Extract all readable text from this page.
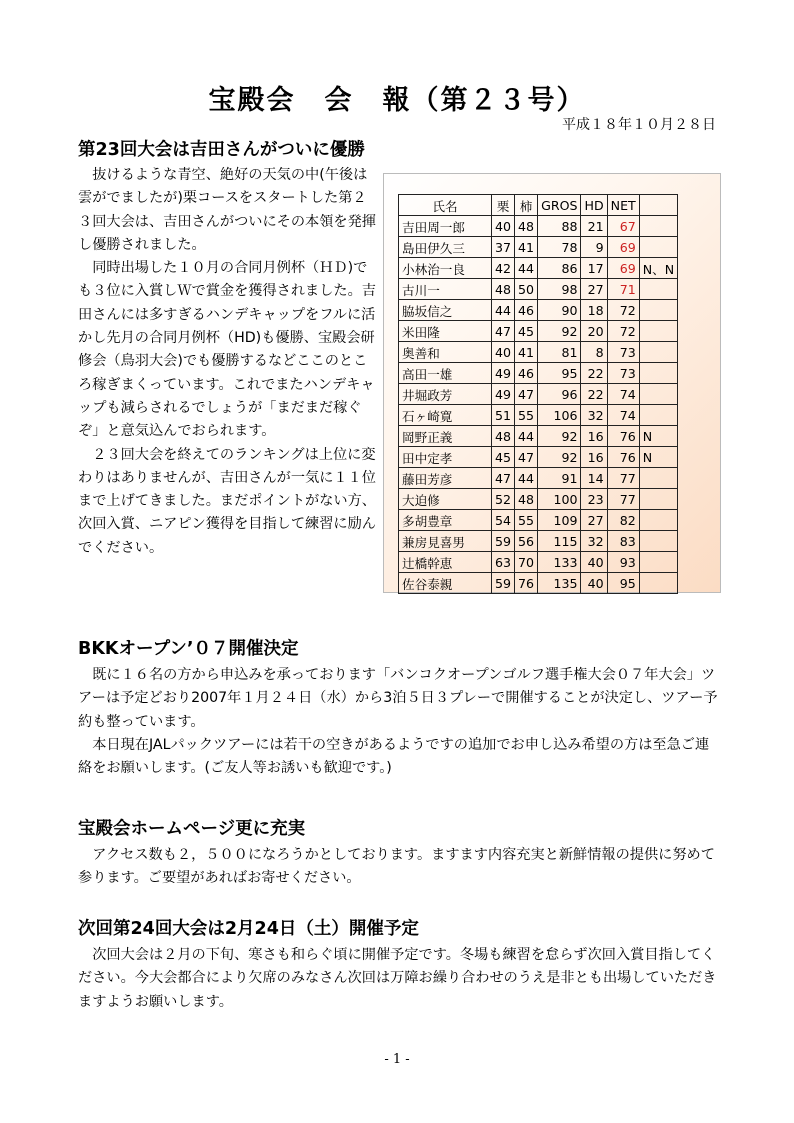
宝殿会　会　報（第２３号）
平成１８年１０月２８日
第23回大会は吉田さんがついに優勝

抜けるような青空、絶好の天気の中(午後は雲がでましたが)栗コースをスタートした第２３回大会は、吉田さんがついにその本領を発揮し優勝されました。

同時出場した１０月の合同月例杯（ＨＤ)でも３位に入賞しＷで賞金を獲得されました。吉田さんには多すぎるハンデキャップをフルに活かし先月の合同月例杯（HD)も優勝、宝殿会研修会（鳥羽大会)でも優勝するなどここのところ稼ぎまくっています。これでまたハンデキャップも減らされるでしょうが「まだまだ稼ぐぞ」と意気込んでおられます。

２３回大会を終えてのランキングは上位に変わりはありませんが、吉田さんが一気に１１位まで上げてきました。まだポイントがない方、次回入賞、ニアピン獲得を目指して練習に励んでください。

氏名	栗	柿	GROS	HD	NET	
吉田周一郎	40	48	88	21	67	
島田伊久三	37	41	78	9	69	
小林治一良	42	44	86	17	69	N、N
古川一	48	50	98	27	71	
脇坂信之	44	46	90	18	72	
米田隆	47	45	92	20	72	
奥善和	40	41	81	8	73	
高田一雄	49	46	95	22	73	
井堀政芳	49	47	96	22	74	
石ヶ崎寛	51	55	106	32	74	
岡野正義	48	44	92	16	76	N
田中定孝	45	47	92	16	76	N
藤田芳彦	47	44	91	14	77	
大迫修	52	48	100	23	77	
多胡豊章	54	55	109	27	82	
兼房見喜男	59	56	115	32	83	
辻橋幹恵	63	70	133	40	93	
佐谷泰親	59	76	135	40	95	
BKKオープン’０７開催決定

既に１６名の方から申込みを承っております「バンコクオープンゴルフ選手権大会０７年大会」ツアーは予定どおり2007年１月２４日（水）から3泊５日３プレーで開催することが決定し、ツアー予約も整っています。

本日現在JALパックツアーには若干の空きがあるようですの追加でお申し込み希望の方は至急ご連絡をお願いします。(ご友人等お誘いも歓迎です。)

宝殿会ホームページ更に充実

アクセス数も２，５００になろうかとしております。ますます内容充実と新鮮情報の提供に努めて参ります。ご要望があればお寄せください。

次回第24回大会は2月24日（土）開催予定

次回大会は２月の下旬、寒さも和らぐ頃に開催予定です。冬場も練習を怠らず次回入賞目指してください。今大会都合により欠席のみなさん次回は万障お繰り合わせのうえ是非とも出場していただきますようお願いします。

- 1 -
